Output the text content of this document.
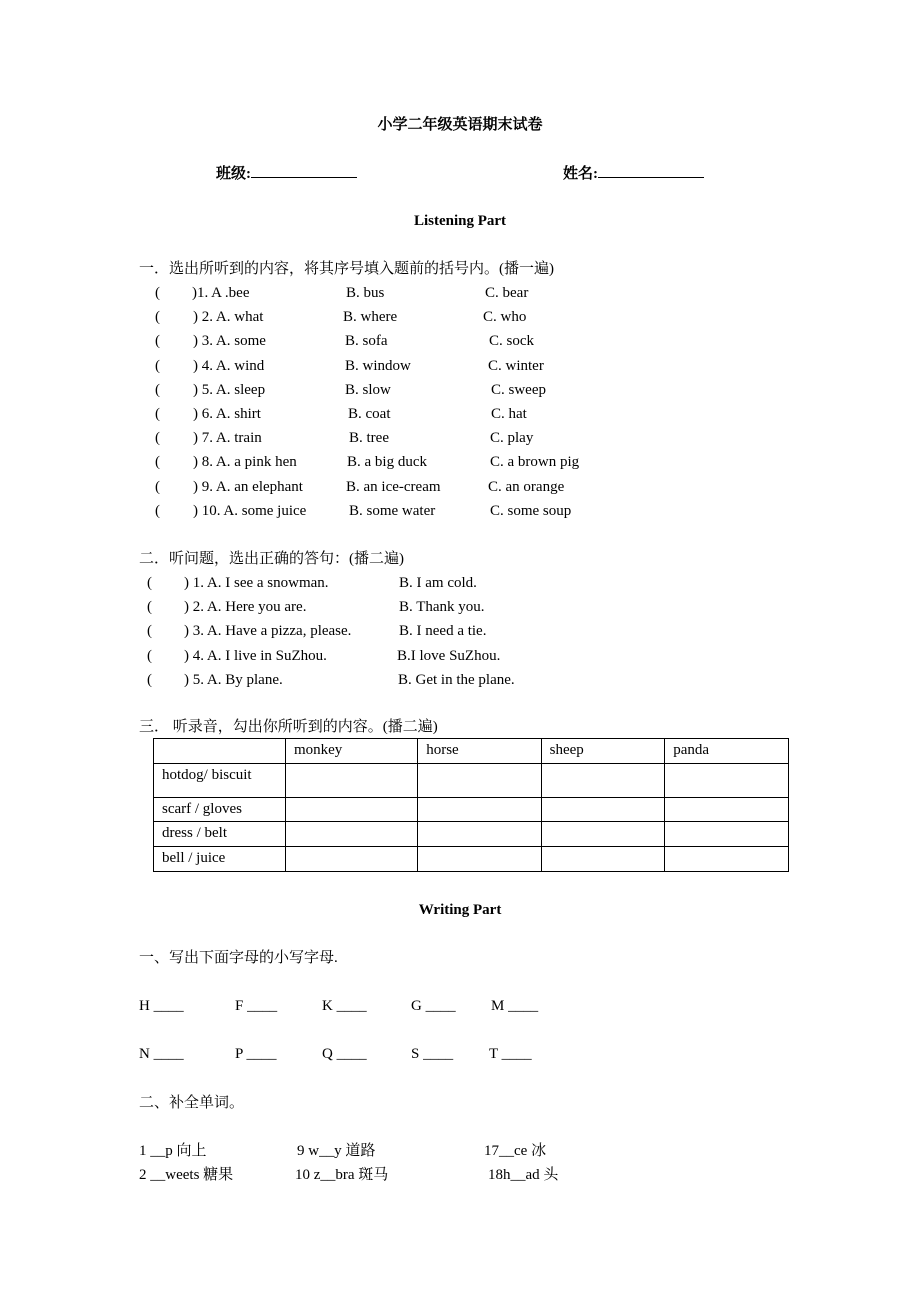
小学二年级英语期末试卷
班级:	姓名:
Listening Part
一．选出所听到的内容，将其序号填入题前的括号内。(播一遍)
( )1. A .bee	B. bus	C. bear
( ) 2. A. what	B. where	C. who
( ) 3. A. some	B. sofa	C. sock
( ) 4. A. wind	B. window	C. winter
( ) 5. A. sleep	B. slow	C. sweep
( ) 6. A. shirt	B. coat	C. hat
( ) 7. A. train	B. tree	C. play
( ) 8. A. a pink hen	B. a big duck	C. a brown pig
( ) 9. A. an elephant	B. an ice-cream	C. an orange
( ) 10. A. some juice	B. some water	C. some soup
二．听问题，选出正确的答句：(播二遍)
( ) 1. A. I see a snowman.	B. I am cold.
( ) 2. A. Here you are.	B. Thank you.
( ) 3. A. Have a pizza, please.	B. I need a tie.
( ) 4. A. I live in SuZhou.	B.I love SuZhou.
( ) 5. A. By plane.	B. Get in the plane.
三． 听录音，勾出你所听到的内容。(播二遍)
	monkey	horse	sheep	panda
hotdog/ biscuit				
scarf / gloves				
dress / belt				
bell / juice				
Writing Part
一、写出下面字母的小写字母.
H ____	F ____	K ____	G ____ M ____
N ____	P ____	Q ____	S ____ T ____
二、补全单词。
1 __p 向上	9 w__y 道路	17__ce 冰
2 __weets 糖果	10 z__bra 斑马	18h__ad 头
